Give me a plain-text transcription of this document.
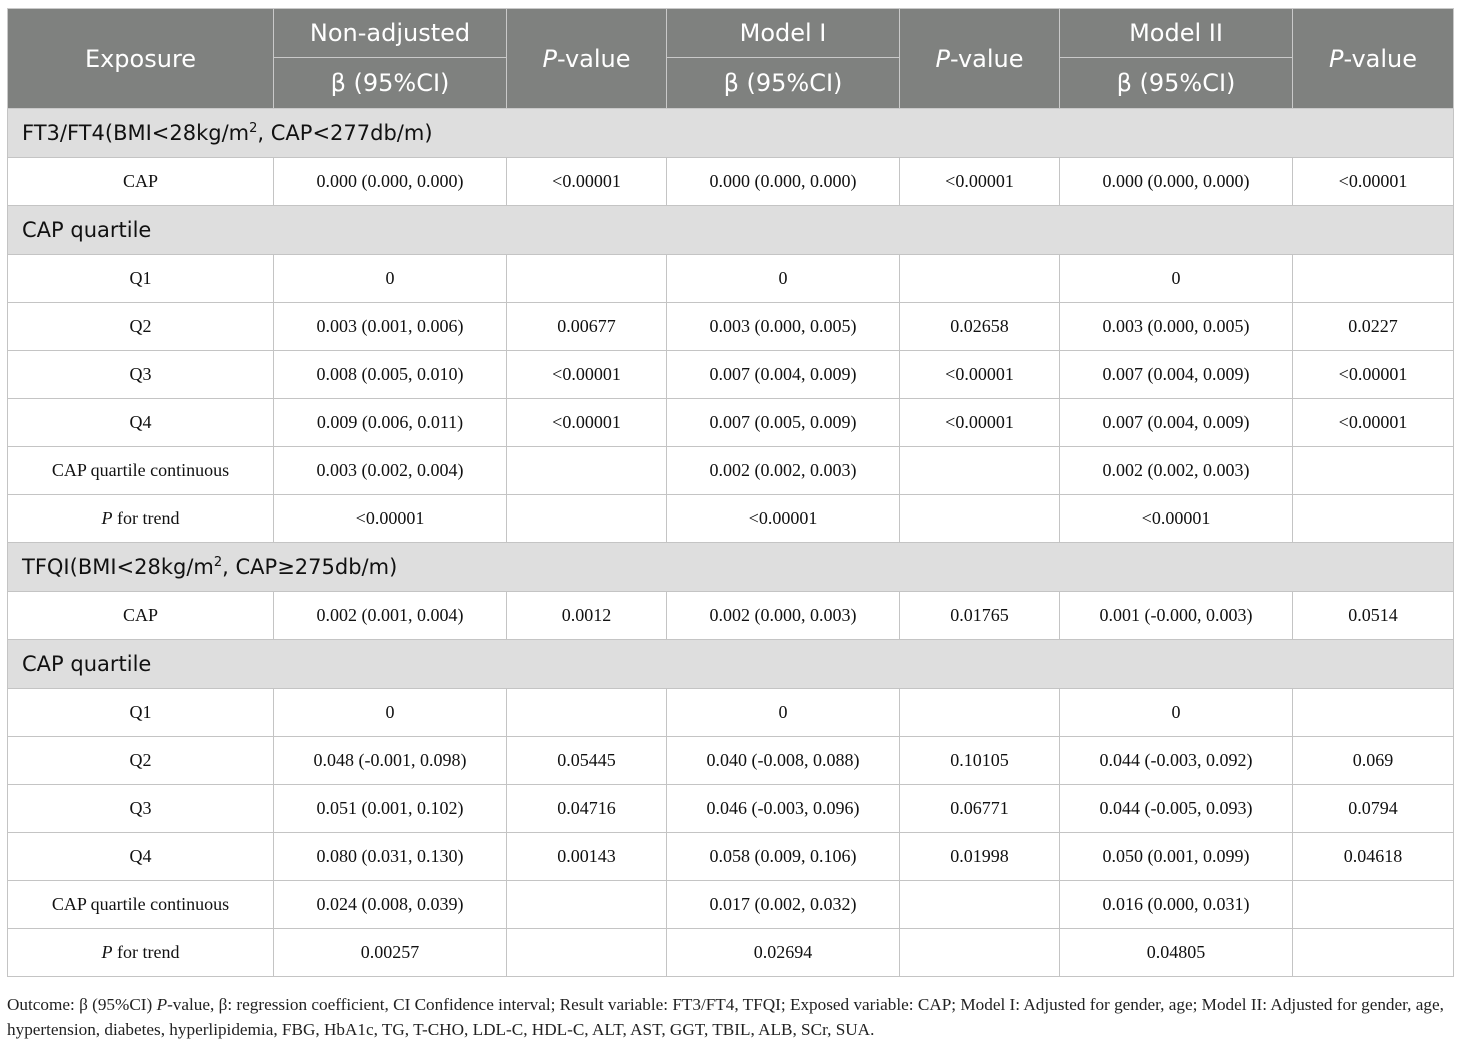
Exposure	Non-adjusted	P-value	Model I	P-value	Model II	P-value
	β (95%CI)		β (95%CI)		β (95%CI)	
$FT3/FT4(BMI<28kg/m^2$, CAP<277db/m)						
CAP	0.000 (0.000, 0.000)	<0.00001	0.000 (0.000, 0.000)	<0.00001	0.000 (0.000, 0.000)	<0.00001
CAP quartile						
Q1	0		0		0	
Q2	0.003 (0.001, 0.006)	0.00677	0.003 (0.000, 0.005)	0.02658	0.003 (0.000, 0.005)	0.0227
Q3	0.008 (0.005, 0.010)	<0.00001	0.007 (0.004, 0.009)	<0.00001	0.007 (0.004, 0.009)	<0.00001
Q4	0.009 (0.006, 0.011)	<0.00001	0.007 (0.005, 0.009)	<0.00001	0.007 (0.004, 0.009)	<0.00001
CAP quartile continuous	0.003 (0.002, 0.004)		0.002 (0.002, 0.003)		0.002 (0.002, 0.003)	
P for trend	<0.00001		<0.00001		<0.00001	
$TFQI(BMI<28kg/m^2$, CAP≥275db/m)						
CAP	0.002 (0.001, 0.004)	0.0012	0.002 (0.000, 0.003)	0.01765	0.001 (-0.000, 0.003)	0.0514
CAP quartile						
Q1	0		0		0	
Q2	0.048 (-0.001, 0.098)	0.05445	0.040 (-0.008, 0.088)	0.10105	0.044 (-0.003, 0.092)	0.069
Q3	0.051 (0.001, 0.102)	0.04716	0.046 (-0.003, 0.096)	0.06771	0.044 (-0.005, 0.093)	0.0794
Q4	0.080 (0.031, 0.130)	0.00143	0.058 (0.009, 0.106)	0.01998	0.050 (0.001, 0.099)	0.04618
CAP quartile continuous	0.024 (0.008, 0.039)		0.017 (0.002, 0.032)		0.016 (0.000, 0.031)	
P for trend	0.00257		0.02694		0.04805	
Outcome: β (95%CI) P-value, β: regression coefficient, CI Confidence interval; Result variable: FT3/FT4, TFQI; Exposed variable: CAP; Model I: Adjusted for gender, age; Model II: Adjusted for gender, age, hypertension, diabetes, hyperlipidemia, FBG, HbA1c, TG, T-CHO, LDL-C, HDL-C, ALT, AST, GGT, TBIL, ALB, SCr, SUA.
